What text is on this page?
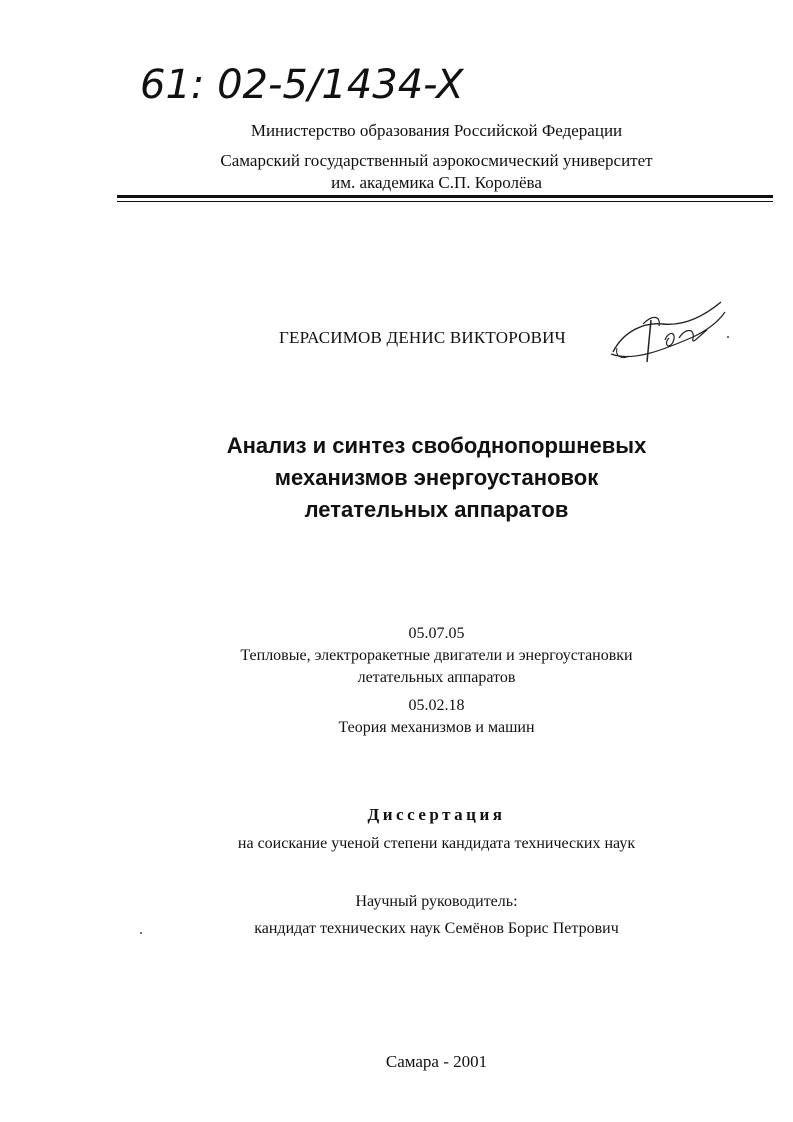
61: 02-5/1434-X
Министерство образования Российской Федерации
Самарский государственный аэрокосмический университет
им. академика С.П. Королёва
ГЕРАСИМОВ ДЕНИС ВИКТОРОВИЧ
Анализ и синтез свободнопоршневых
механизмов энергоустановок
летательных аппаратов
05.07.05
Тепловые, электроракетные двигатели и энергоустановки
летательных аппаратов
05.02.18
Теория механизмов и машин
Диссертация
на соискание ученой степени кандидата технических наук
Научный руководитель:
кандидат технических наук Семёнов Борис Петрович
Самара - 2001
